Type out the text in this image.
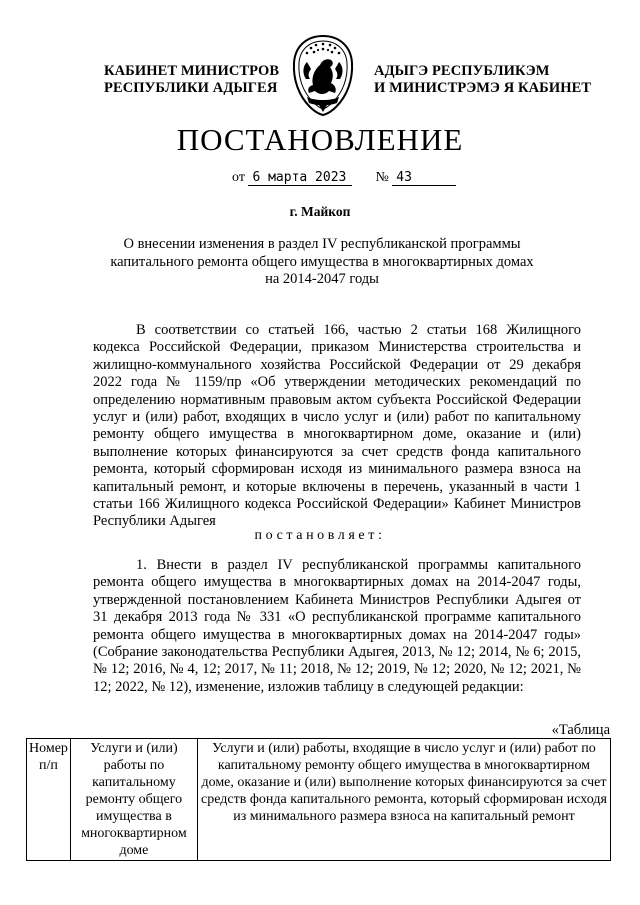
КАБИНЕТ МИНИСТРОВ
РЕСПУБЛИКИ АДЫГЕЯ
АДЫГЭ РЕСПУБЛИКЭМ
И МИНИСТРЭМЭ Я КАБИНЕТ
ПОСТАНОВЛЕНИЕ
от 6 марта 2023 № 43
г. Майкоп
О внесении изменения в раздел IV республиканской программы
капитального ремонта общего имущества в многоквартирных домах
на 2014-2047 годы
В соответствии со статьей 166, частью 2 статьи 168 Жилищного кодекса Российской Федерации, приказом Министерства строительства и жилищно-коммунального хозяйства Российской Федерации от 29 декабря 2022 года № 1159/пр «Об утверждении методических рекомендаций по определению нормативным правовым актом субъекта Российской Федерации услуг и (или) работ, входящих в число услуг и (или) работ по капитальному ремонту общего имущества в многоквартирном доме, оказание и (или) выполнение которых финансируются за счет средств фонда капитального ремонта, который сформирован исходя из минимального размера взноса на капитальный ремонт, и которые включены в перечень, указанный в части 1 статьи 166 Жилищного кодекса Российской Федерации» Кабинет Министров Республики Адыгея
постановляет:
1. Внести в раздел IV республиканской программы капитального ремонта общего имущества в многоквартирных домах на 2014-2047 годы, утвержденной постановлением Кабинета Министров Республики Адыгея от 31 декабря 2013 года № 331 «О республиканской программе капитального ремонта общего имущества в многоквартирных домах на 2014-2047 годы» (Собрание законодательства Республики Адыгея, 2013, № 12; 2014, № 6; 2015, № 12; 2016, № 4, 12; 2017, № 11; 2018, № 12; 2019, № 12; 2020, № 12; 2021, № 12; 2022, № 12), изменение, изложив таблицу в следующей редакции:
«Таблица
Номер п/п	Услуги и (или) работы по капитальному ремонту общего имущества в многоквартирном доме	Услуги и (или) работы, входящие в число услуг и (или) работ по капитальному ремонту общего имущества в многоквартирном доме, оказание и (или) выполнение которых финансируются за счет средств фонда капитального ремонта, который сформирован исходя из минимального размера взноса на капитальный ремонт
